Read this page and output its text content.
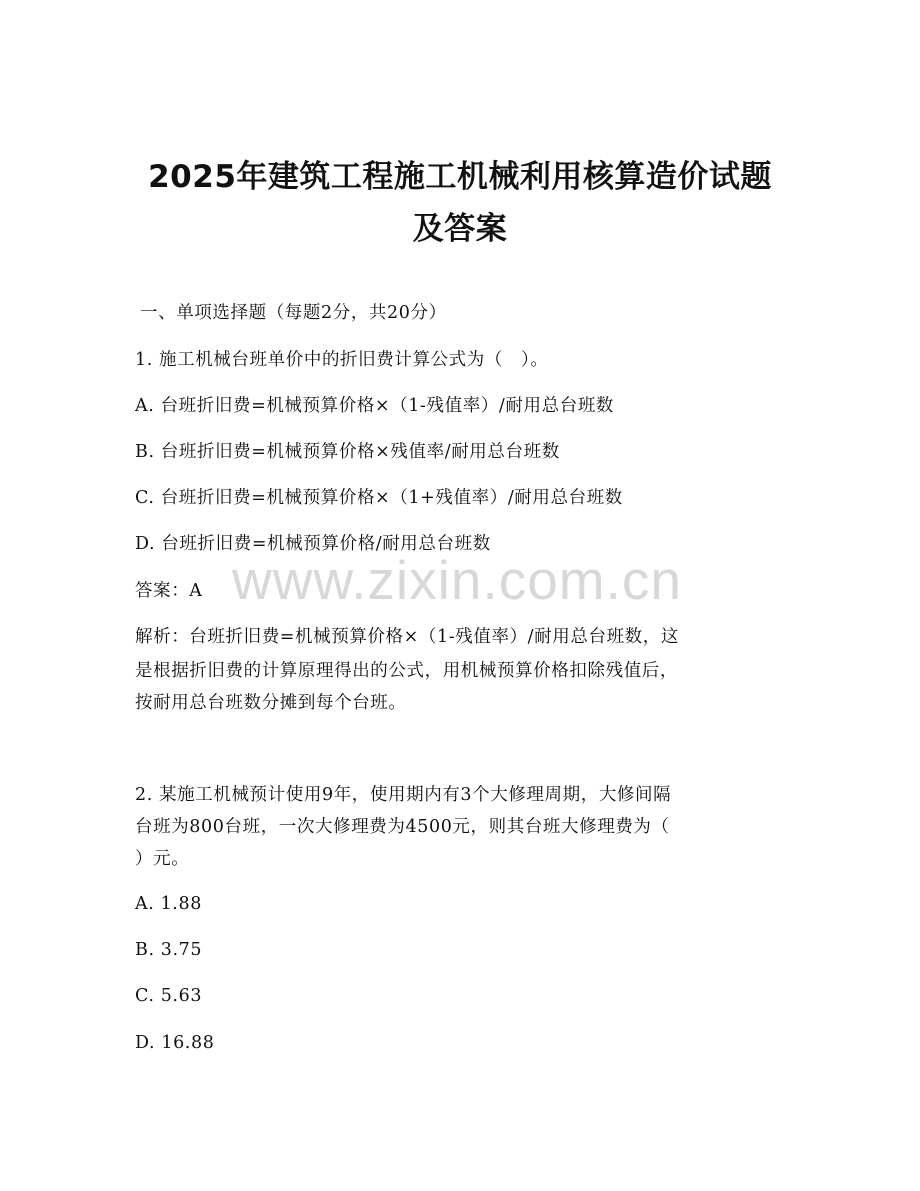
2025年建筑工程施工机械利用核算造价试题
及答案
一、单项选择题（每题2分，共20分）
1. 施工机械台班单价中的折旧费计算公式为（　）。
A. 台班折旧费=机械预算价格×（1-残值率）/耐用总台班数
B. 台班折旧费=机械预算价格×残值率/耐用总台班数
C. 台班折旧费=机械预算价格×（1+残值率）/耐用总台班数
D. 台班折旧费=机械预算价格/耐用总台班数
答案：A
解析：台班折旧费=机械预算价格×（1-残值率）/耐用总台班数，这
是根据折旧费的计算原理得出的公式，用机械预算价格扣除残值后，
按耐用总台班数分摊到每个台班。
2. 某施工机械预计使用9年，使用期内有3个大修理周期，大修间隔
台班为800台班，一次大修理费为4500元，则其台班大修理费为（
）元。
A. 1.88
B. 3.75
C. 5.63
D. 16.88
www.zixin.com.cn
